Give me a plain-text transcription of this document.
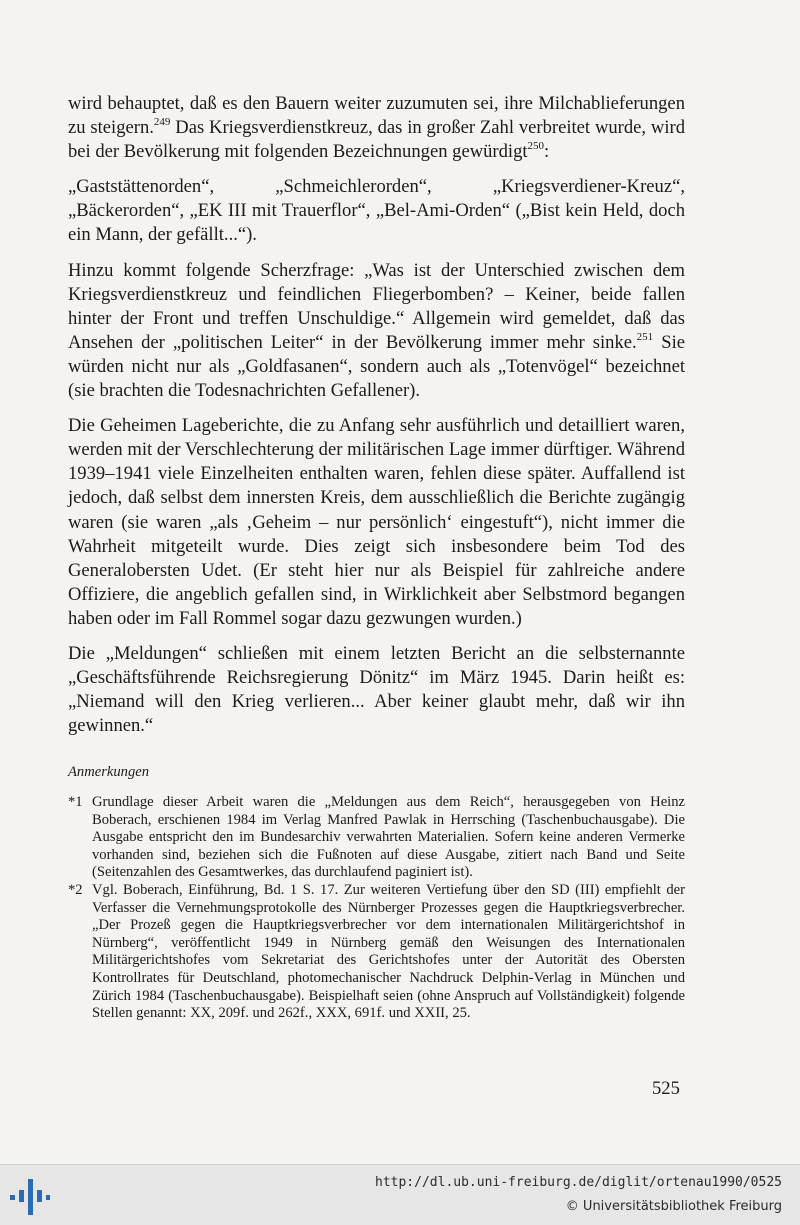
wird behauptet, daß es den Bauern weiter zuzumuten sei, ihre Milchablieferungen zu steigern.$^{249}$ Das Kriegsverdienstkreuz, das in großer Zahl verbreitet wurde, wird bei der Bevölkerung mit folgenden Bezeichnungen gewürdigt$^{250}$:

„Gaststättenorden“, „Schmeichlerorden“, „Kriegsverdiener-Kreuz“, „Bäckerorden“, „EK III mit Trauerflor“, „Bel-Ami-Orden“ („Bist kein Held, doch ein Mann, der gefällt...“).

Hinzu kommt folgende Scherzfrage: „Was ist der Unterschied zwischen dem Kriegsverdienstkreuz und feindlichen Fliegerbomben? – Keiner, beide fallen hinter der Front und treffen Unschuldige.“ Allgemein wird gemeldet, daß das Ansehen der „politischen Leiter“ in der Bevölkerung immer mehr sinke.$^{251}$ Sie würden nicht nur als „Goldfasanen“, sondern auch als „Totenvögel“ bezeichnet (sie brachten die Todesnachrichten Gefallener).

Die Geheimen Lageberichte, die zu Anfang sehr ausführlich und detailliert waren, werden mit der Verschlechterung der militärischen Lage immer dürftiger. Während 1939–1941 viele Einzelheiten enthalten waren, fehlen diese später. Auffallend ist jedoch, daß selbst dem innersten Kreis, dem ausschließlich die Berichte zugängig waren (sie waren „als ‚Geheim – nur persönlich‘ eingestuft“), nicht immer die Wahrheit mitgeteilt wurde. Dies zeigt sich insbesondere beim Tod des Generalobersten Udet. (Er steht hier nur als Beispiel für zahlreiche andere Offiziere, die angeblich gefallen sind, in Wirklichkeit aber Selbstmord begangen haben oder im Fall Rommel sogar dazu gezwungen wurden.)

Die „Meldungen“ schließen mit einem letzten Bericht an die selbsternannte „Geschäftsführende Reichsregierung Dönitz“ im März 1945. Darin heißt es: „Niemand will den Krieg verlieren... Aber keiner glaubt mehr, daß wir ihn gewinnen.“

Anmerkungen
*1 Grundlage dieser Arbeit waren die „Meldungen aus dem Reich“, herausgegeben von Heinz Boberach, erschienen 1984 im Verlag Manfred Pawlak in Herrsching (Taschenbuchausgabe). Die Ausgabe entspricht den im Bundesarchiv verwahrten Materialien. Sofern keine anderen Vermerke vorhanden sind, beziehen sich die Fußnoten auf diese Ausgabe, zitiert nach Band und Seite (Seitenzahlen des Gesamtwerkes, das durchlaufend paginiert ist).
*2 Vgl. Boberach, Einführung, Bd. 1 S. 17. Zur weiteren Vertiefung über den SD (III) empfiehlt der Verfasser die Vernehmungsprotokolle des Nürnberger Prozesses gegen die Hauptkriegsverbrecher. „Der Prozeß gegen die Hauptkriegsverbrecher vor dem internationalen Militärgerichtshof in Nürnberg“, veröffentlicht 1949 in Nürnberg gemäß den Weisungen des Internationalen Militärgerichtshofes vom Sekretariat des Gerichtshofes unter der Autorität des Obersten Kontrollrates für Deutschland, photomechanischer Nachdruck Delphin-Verlag in München und Zürich 1984 (Taschenbuchausgabe). Beispielhaft seien (ohne Anspruch auf Vollständigkeit) folgende Stellen genannt: XX, 209f. und 262f., XXX, 691f. und XXII, 25.
525
http://dl.ub.uni-freiburg.de/diglit/ortenau1990/0525
© Universitätsbibliothek Freiburg
